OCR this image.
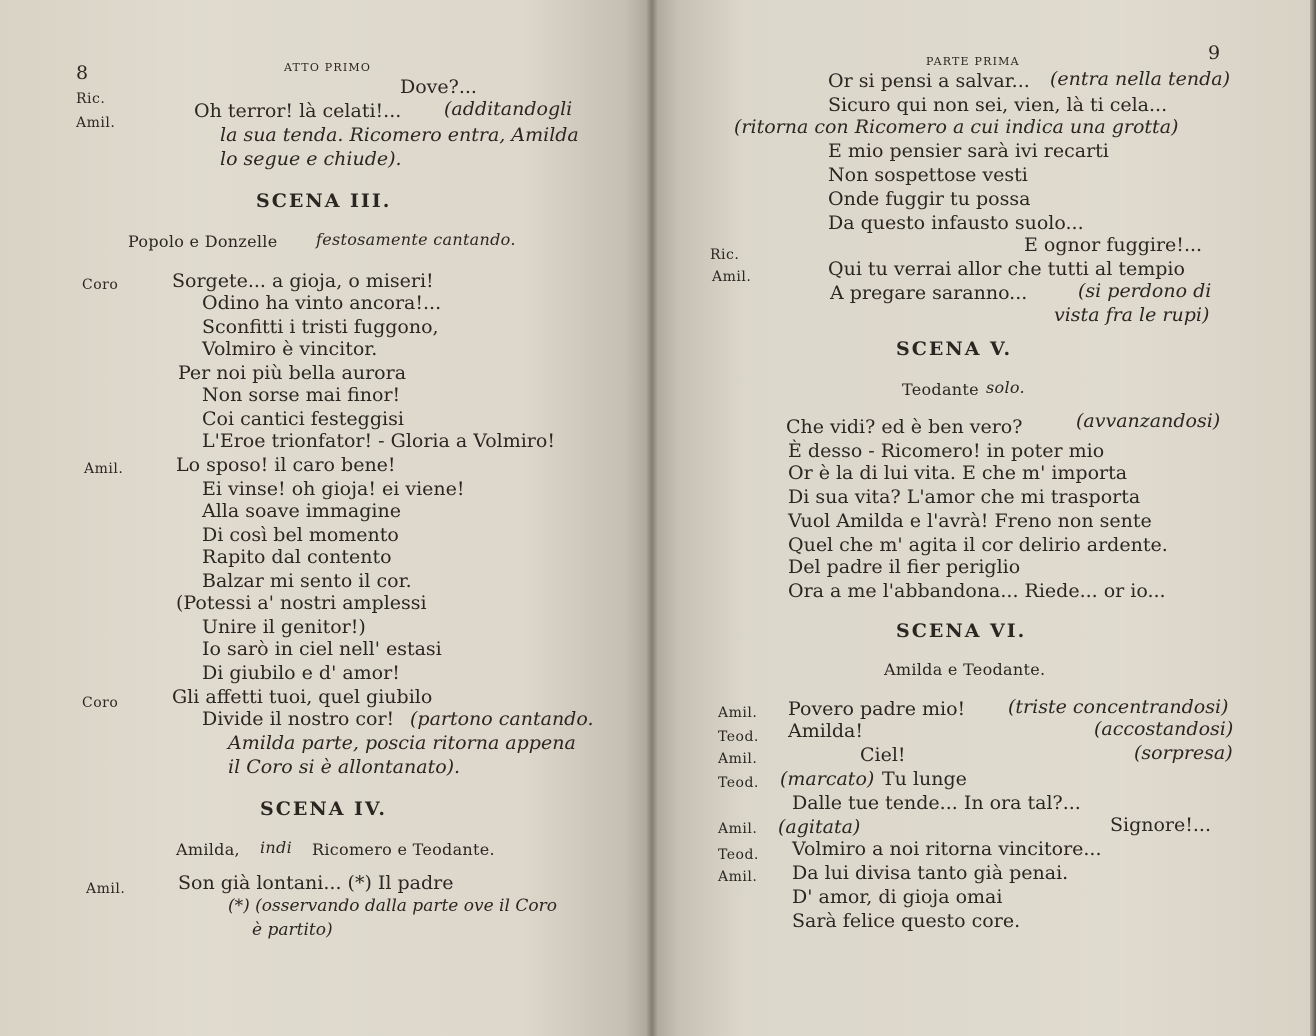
8	ATTO PRIMO
Dove?...
Ric.
Amil.
Oh terror! là celati!... (additandogli
la sua tenda. Ricomero entra, Amilda
lo segue e chiude).
SCENA III.
Popolo e Donzelle festosamente cantando.
Coro	Sorgete... a gioja, o miseri!
Odino ha vinto ancora!...
Sconfitti i tristi fuggono,
Volmiro è vincitor.
Per noi più bella aurora
Non sorse mai finor!
Coi cantici festeggisi
L'Eroe trionfator! - Gloria a Volmiro!
Amil.	Lo sposo! il caro bene!
Ei vinse! oh gioja! ei viene!
Alla soave immagine
Di così bel momento
Rapito dal contento
Balzar mi sento il cor.
(Potessi a' nostri amplessi
Unire il genitor!)
Io sarò in ciel nell' estasi
Di giubilo e d' amor!
Coro	Gli affetti tuoi, quel giubilo
Divide il nostro cor! (partono cantando.
Amilda parte, poscia ritorna appena
il Coro si è allontanato).
SCENA IV.
Amilda, indi Ricomero e Teodante.
Amil.	Son già lontani... (*) Il padre
(*) (osservando dalla parte ove il Coro
è partito)
PARTE PRIMA	9
Or si pensi a salvar... (entra nella tenda)
Sicuro qui non sei, vien, là ti cela...
(ritorna con Ricomero a cui indica una grotta)
E mio pensier sarà ivi recarti
Non sospettose vesti
Onde fuggir tu possa
Da questo infausto suolo...
Ric.	E ognor fuggire!...
Amil.	Qui tu verrai allor che tutti al tempio
A pregare saranno...	(si perdono di
vista fra le rupi)
SCENA V.
Teodante solo.
Che vidi? ed è ben vero?	(avvanzandosi)
È desso - Ricomero! in poter mio
Or è la di lui vita. E che m' importa
Di sua vita? L'amor che mi trasporta
Vuol Amilda e l'avrà! Freno non sente
Quel che m' agita il cor delirio ardente.
Del padre il fier periglio
Ora a me l'abbandona... Riede... or io...
SCENA VI.
Amilda e Teodante.
Amil. Povero padre mio! (triste concentrandosi)
Teod. Amilda!	(accostandosi)
Amil.	Ciel!	(sorpresa)
Teod. (marcato) Tu lunge
Dalle tue tende... In ora tal?...
Amil. (agitata)	Signore!...
Teod. Volmiro a noi ritorna vincitore...
Amil. Da lui divisa tanto già penai.
D' amor, di gioja omai
Sarà felice questo core.
